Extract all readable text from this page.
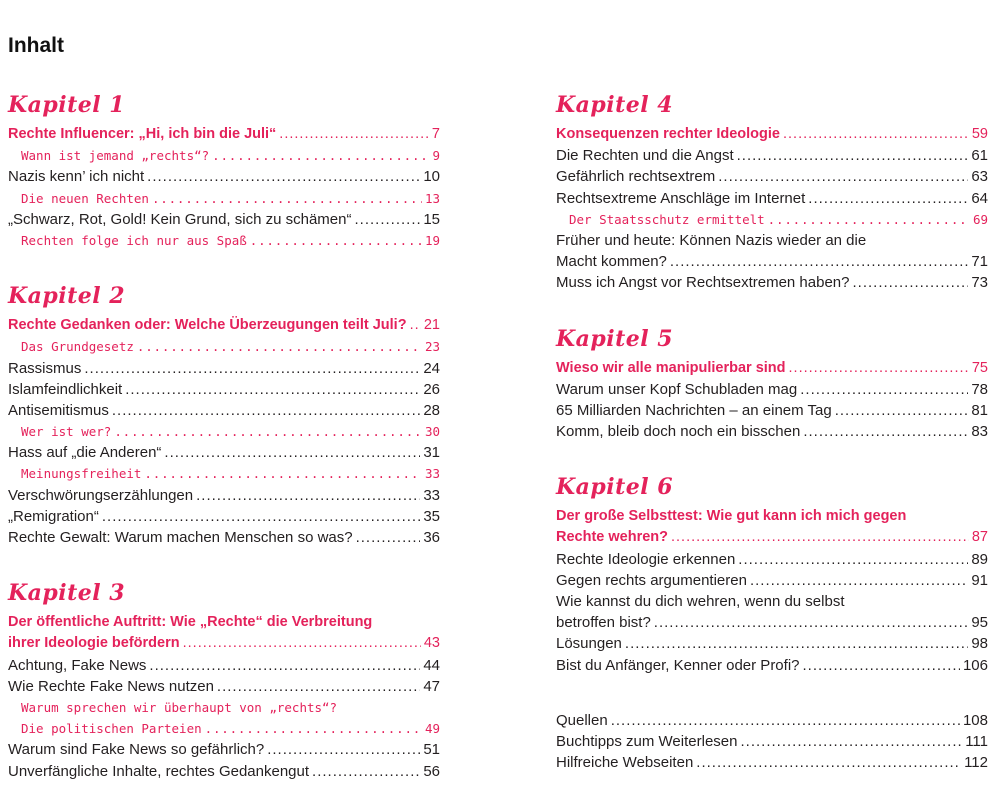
Inhalt
Kapitel 1
Rechte Influencer: „Hi, ich bin die Juli“ .....	7
Wann ist jemand „rechts“? .....	9
Nazis kenn’ ich nicht .....	10
Die neuen Rechten .....	13
„Schwarz, Rot, Gold! Kein Grund, sich zu schämen“ .....	15
Rechten folge ich nur aus Spaß .....	19
Kapitel 2
Rechte Gedanken oder: Welche Überzeugungen teilt Juli? ..... 21
Das Grundgesetz .....	23
Rassismus .....	24
Islamfeindlichkeit .....	26
Antisemitismus .....	28
Wer ist wer? .....	30
Hass auf „die Anderen“ .....	31
Meinungsfreiheit .....	33
Verschwörungserzählungen .....	33
„Remigration“ .....	35
Rechte Gewalt: Warum machen Menschen so was? .....	36
Kapitel 3
Der öffentliche Auftritt: Wie „Rechte“ die Verbreitung
ihrer Ideologie befördern .....	43
Achtung, Fake News .....	44
Wie Rechte Fake News nutzen .....	47
Warum sprechen wir überhaupt von „rechts“?
Die politischen Parteien .....	49
Warum sind Fake News so gefährlich? .....	51
Unverfängliche Inhalte, rechtes Gedankengut .....	56
Kapitel 4
Konsequenzen rechter Ideologie .....	59
Die Rechten und die Angst .....	61
Gefährlich rechtsextrem .....	63
Rechtsextreme Anschläge im Internet .....	64
Der Staatsschutz ermittelt .....	69
Früher und heute: Können Nazis wieder an die
Macht kommen? .....	71
Muss ich Angst vor Rechtsextremen haben? .....	73
Kapitel 5
Wieso wir alle manipulierbar sind .....	75
Warum unser Kopf Schubladen mag .....	78
65 Milliarden Nachrichten – an einem Tag .....	81
Komm, bleib doch noch ein bisschen .....	83
Kapitel 6
Der große Selbsttest: Wie gut kann ich mich gegen
Rechte wehren? .....	87
Rechte Ideologie erkennen .....	89
Gegen rechts argumentieren .....	91
Wie kannst du dich wehren, wenn du selbst
betroffen bist? .....	95
Lösungen .....	98
Bist du Anfänger, Kenner oder Profi? .....	106
Quellen .....	108
Buchtipps zum Weiterlesen .....	111
Hilfreiche Webseiten .....	112
